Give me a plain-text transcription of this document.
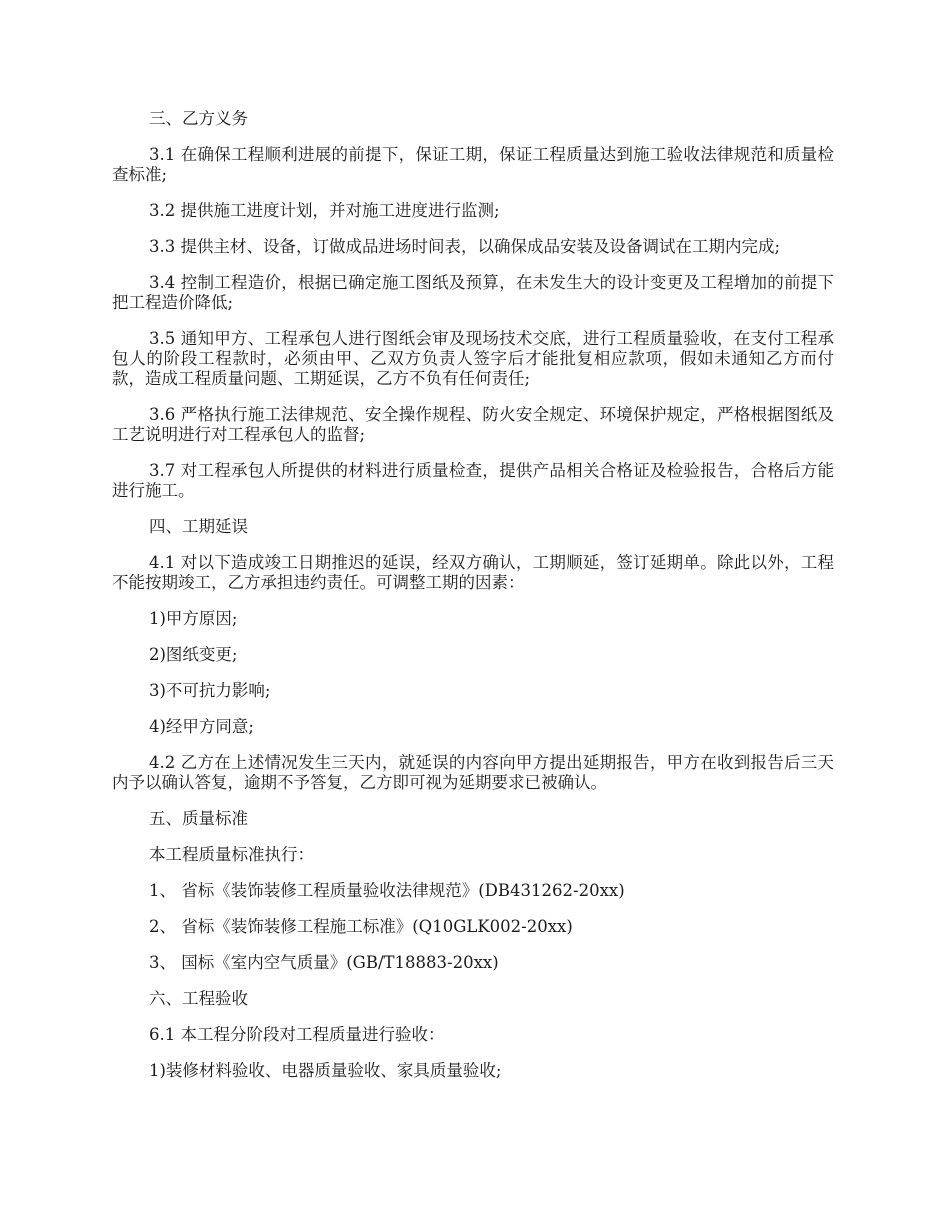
三、乙方义务

3.1 在确保工程顺利进展的前提下，保证工期，保证工程质量达到施工验收法律规范和质量检查标准;

3.2 提供施工进度计划，并对施工进度进行监测;

3.3 提供主材、设备，订做成品进场时间表，以确保成品安装及设备调试在工期内完成;

3.4 控制工程造价，根据已确定施工图纸及预算，在未发生大的设计变更及工程增加的前提下把工程造价降低;

3.5 通知甲方、工程承包人进行图纸会审及现场技术交底，进行工程质量验收，在支付工程承包人的阶段工程款时，必须由甲、乙双方负责人签字后才能批复相应款项，假如未通知乙方而付款，造成工程质量问题、工期延误，乙方不负有任何责任;

3.6 严格执行施工法律规范、安全操作规程、防火安全规定、环境保护规定，严格根据图纸及工艺说明进行对工程承包人的监督;

3.7 对工程承包人所提供的材料进行质量检查，提供产品相关合格证及检验报告，合格后方能进行施工。

四、工期延误

4.1 对以下造成竣工日期推迟的延误，经双方确认，工期顺延，签订延期单。除此以外，工程不能按期竣工，乙方承担违约责任。可调整工期的因素：

1)甲方原因;

2)图纸变更;

3)不可抗力影响;

4)经甲方同意;

4.2 乙方在上述情况发生三天内，就延误的内容向甲方提出延期报告，甲方在收到报告后三天内予以确认答复，逾期不予答复，乙方即可视为延期要求已被确认。

五、质量标准

本工程质量标准执行：

1、 省标《装饰装修工程质量验收法律规范》(DB431262-20xx)

2、 省标《装饰装修工程施工标准》(Q10GLK002-20xx)

3、 国标《室内空气质量》(GB/T18883-20xx)

六、工程验收

6.1 本工程分阶段对工程质量进行验收：

1)装修材料验收、电器质量验收、家具质量验收;
